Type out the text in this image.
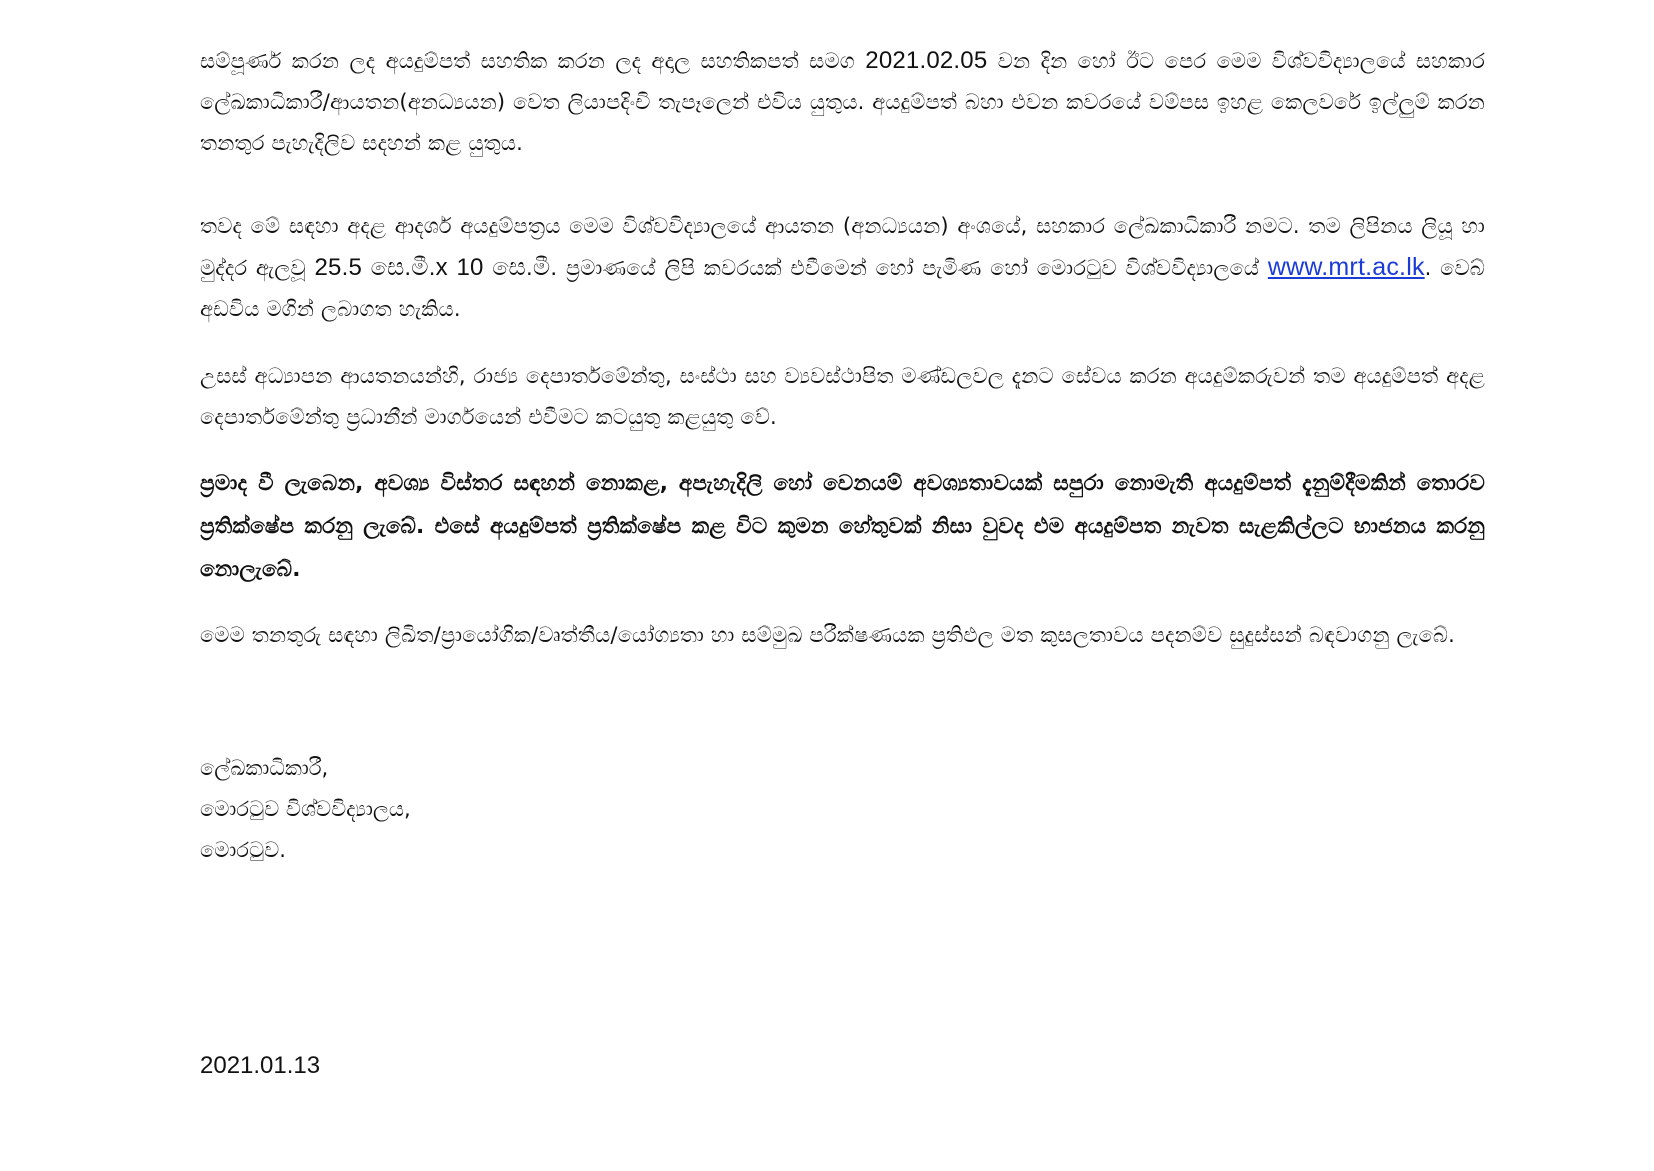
සම්පූර්ණ කරන ලද අයදුම්පත් සහතික කරන ලද අදාල සහතිකපත් සමග 2021.02.05 වන දින හෝ ඊට පෙර මෙම විශ්වවිද්‍යාලයේ සහකාර ලේඛකාධිකාරී/ආයතන(අනධ්‍යයන) වෙත ලියාපදිංචි තැපෑලෙන් එවිය යුතුය. අයදුම්පත් බහා එවන කවරයේ වම්පස ඉහළ කෙලවරේ ඉල්ලුම් කරන තනතුර පැහැදිලිව සදහන් කළ යුතුය.

තවද මේ සඳහා අදළ ආදර්ශ අයදුම්පත්‍රය මෙම විශ්වවිද්‍යාලයේ ආයතන (අනධ්‍යයන) අංශයේ, සහකාර ලේඛකාධිකාරී නමට. තම ලිපිනය ලියූ හා මුද්දර ඇලවූ 25.5 සෙ.මී.x 10 සෙ.මී. ප්‍රමාණයේ ලිපි කවරයක් එවීමෙන් හෝ පැමිණ හෝ මොරටුව විශ්වවිද්‍යාලයේ www.mrt.ac.lk. වෙබ් අඩවිය මගින් ලබාගත හැකිය.

උසස් අධ්‍යාපන ආයතනයන්හි, රාජ්‍ය දෙපාර්තමේන්තු, සංස්ථා සහ ව්‍යවස්ථාපිත මණ්ඩලවල දැනට සේවය කරන අයදුම්කරුවන් තම අයදුම්පත් අදළ දෙපාර්තමේන්තු ප්‍රධානීන් මාර්ගයෙන් එවීමට කටයුතු කළයුතු වේ.

ප්‍රමාද වී ලැබෙන, අවශ්‍ය විස්තර සඳහන් නොකළ, අපැහැදිලි හෝ වෙනයම් අවශ්‍යතාවයක් සපුරා නොමැති අයදුම්පත් දැනුම්දීමකින් තොරව ප්‍රතික්ෂේප කරනු ලැබේ. එසේ අයදුම්පත් ප්‍රතික්ෂේප කළ විට කුමන හේතුවක් නිසා වුවද එම අයදුම්පත නැවත සැළකිල්ලට භාජනය කරනු නොලැබේ.

මෙම තනතුරු සඳහා ලිඛිත/ප්‍රායෝගික/වෘත්තීය/යෝග්‍යතා හා සම්මුඛ පරීක්ෂණයක ප්‍රතිඵල මත කුසලතාවය පදනම්ව සුදුස්සන් බඳවාගනු ලැබේ.

ලේඛකාධිකාරී,

මොරටුව විශ්වවිද්‍යාලය,

මොරටුව.

2021.01.13
